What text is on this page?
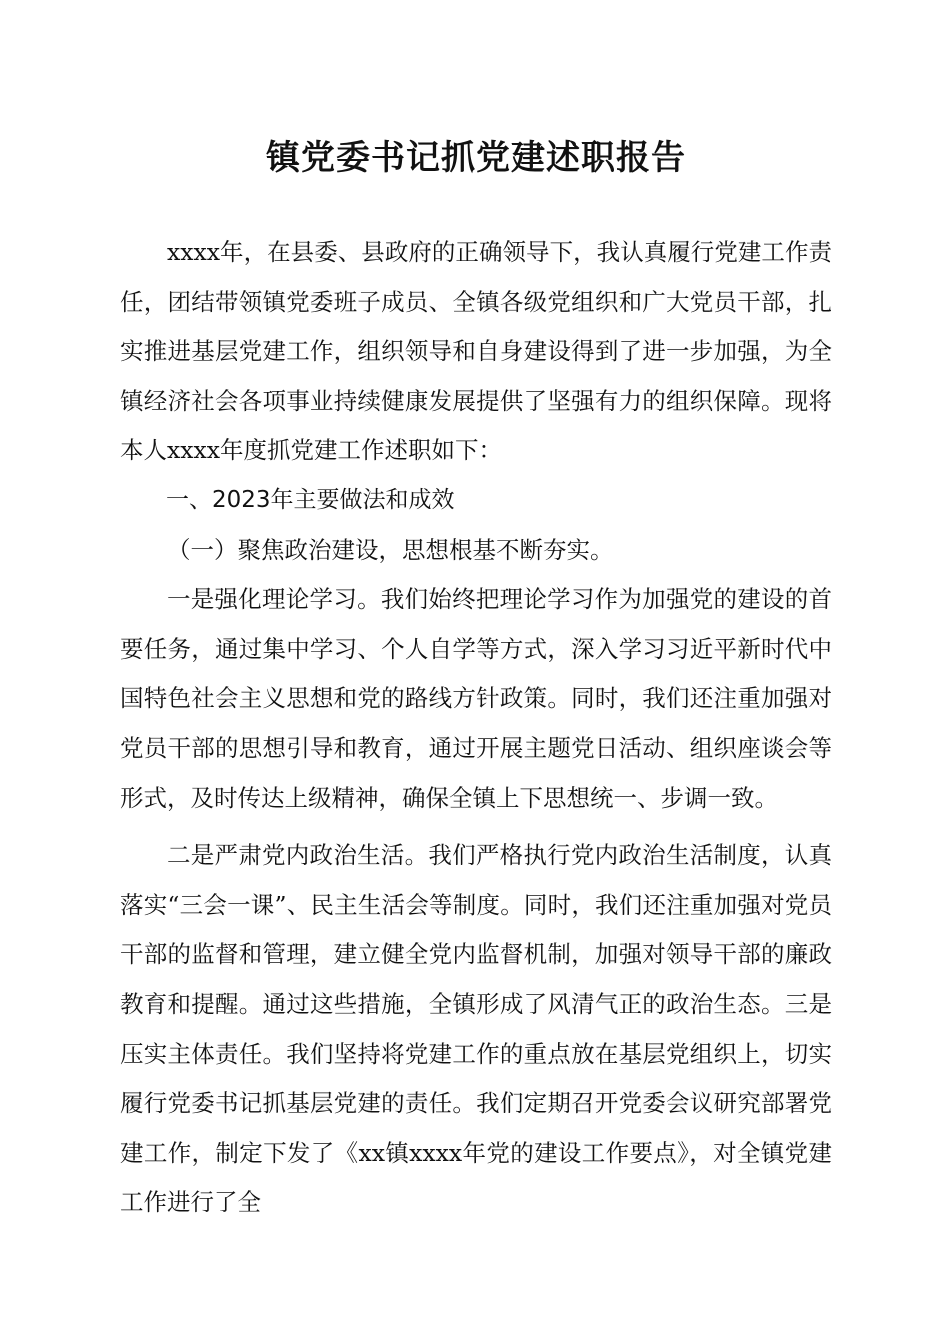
镇党委书记抓党建述职报告

xxxx年，在县委、县政府的正确领导下，我认真履行党建工作责任，团结带领镇党委班子成员、全镇各级党组织和广大党员干部，扎实推进基层党建工作，组织领导和自身建设得到了进一步加强，为全镇经济社会各项事业持续健康发展提供了坚强有力的组织保障。现将本人xxxx年度抓党建工作述职如下：

一、2023年主要做法和成效

（一）聚焦政治建设，思想根基不断夯实。

一是强化理论学习。我们始终把理论学习作为加强党的建设的首要任务，通过集中学习、个人自学等方式，深入学习习近平新时代中国特色社会主义思想和党的路线方针政策。同时，我们还注重加强对党员干部的思想引导和教育，通过开展主题党日活动、组织座谈会等形式，及时传达上级精神，确保全镇上下思想统一、步调一致。

二是严肃党内政治生活。我们严格执行党内政治生活制度，认真落实“三会一课”、民主生活会等制度。同时，我们还注重加强对党员干部的监督和管理，建立健全党内监督机制，加强对领导干部的廉政教育和提醒。通过这些措施，全镇形成了风清气正的政治生态。三是压实主体责任。我们坚持将党建工作的重点放在基层党组织上，切实履行党委书记抓基层党建的责任。我们定期召开党委会议研究部署党建工作，制定下发了《xx镇xxxx年党的建设工作要点》，对全镇党建工作进行了全
